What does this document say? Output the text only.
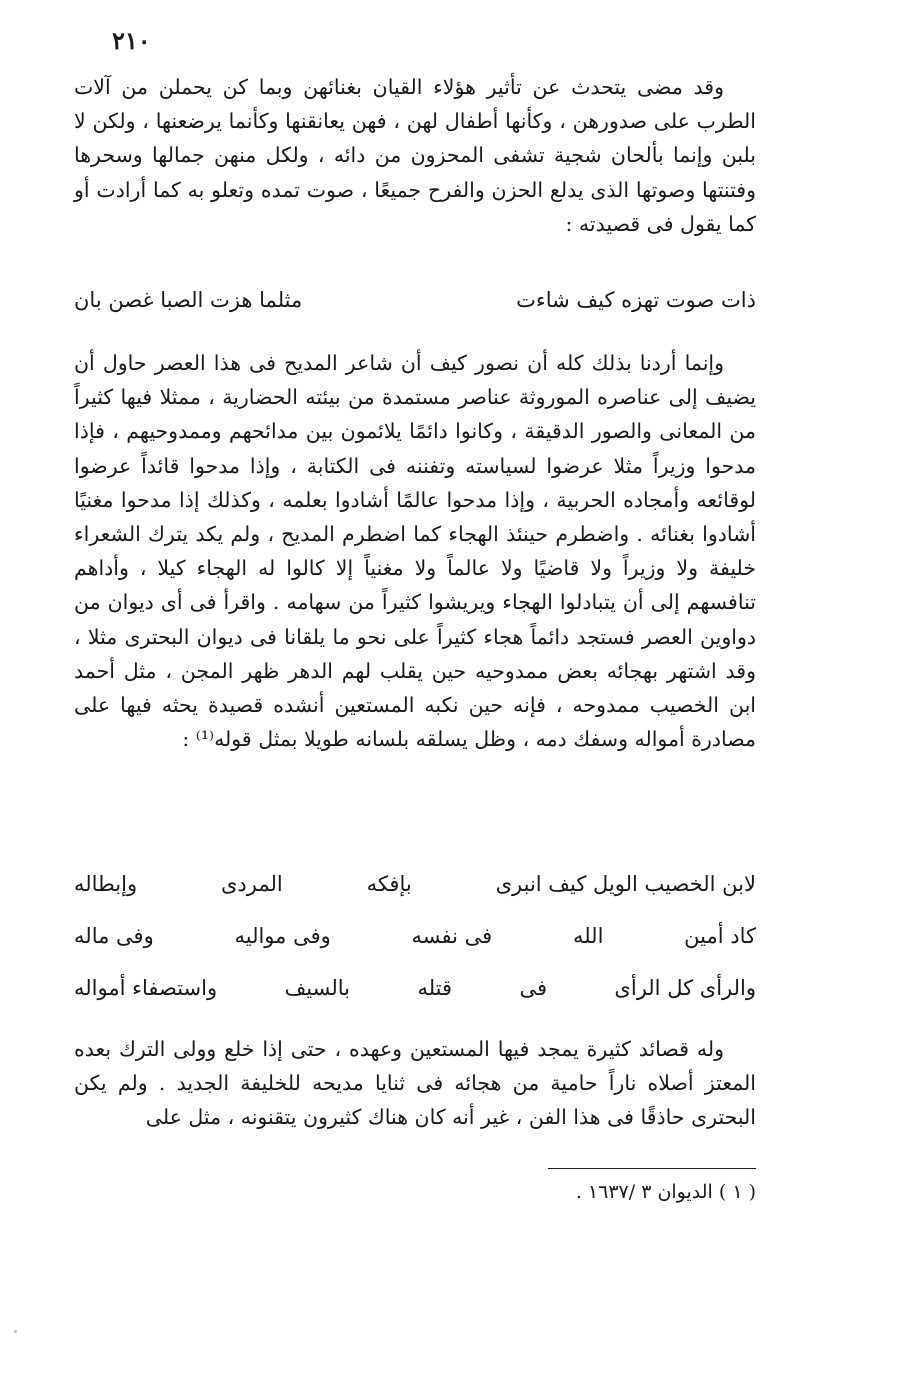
٢١٠

وقد مضى يتحدث عن تأثير هؤلاء القيان بغنائهن وبما كن يحملن من آلات الطرب على صدورهن ، وكأنها أطفال لهن ، فهن يعانقنها وكأنما يرضعنها ، ولكن لا بلبن وإنما بألحان شجية تشفى المحزون من دائه ، ولكل منهن جمالها وسحرها وفتنتها وصوتها الذى يدلع الحزن والفرح جميعًا ، صوت تمده وتعلو به كما أرادت أو كما يقول فى قصيدته :

ذات صوت تهزه كيف شاءت
مثلما هزت الصبا غصن بان

وإنما أردنا بذلك كله أن نصور كيف أن شاعر المديح فى هذا العصر حاول أن يضيف إلى عناصره الموروثة عناصر مستمدة من بيئته الحضارية ، ممثلا فيها كثيراً من المعانى والصور الدقيقة ، وكانوا دائمًا يلائمون بين مدائحهم وممدوحيهم ، فإذا مدحوا وزيراً مثلا عرضوا لسياسته وتفننه فى الكتابة ، وإذا مدحوا قائداً عرضوا لوقائعه وأمجاده الحربية ، وإذا مدحوا عالمًا أشادوا بعلمه ، وكذلك إذا مدحوا مغنيًا أشادوا بغنائه . واضطرم حينئذ الهجاء كما اضطرم المديح ، ولم يكد يترك الشعراء خليفة ولا وزيراً ولا قاضيًا ولا عالماً ولا مغنياً إلا كالوا له الهجاء كيلا ، وأداهم تنافسهم إلى أن يتبادلوا الهجاء ويريشوا كثيراً من سهامه . واقرأ فى أى ديوان من دواوين العصر فستجد دائماً هجاء كثيراً على نحو ما يلقانا فى ديوان البحترى مثلا ، وقد اشتهر بهجائه بعض ممدوحيه حين يقلب لهم الدهر ظهر المجن ، مثل أحمد ابن الخصيب ممدوحه ، فإنه حين نكبه المستعين أنشده قصيدة يحثه فيها على مصادرة أمواله وسفك دمه ، وظل يسلقه بلسانه طويلا بمثل قوله⁽¹⁾ :

لابن الخصيب الويل كيف انبرى
بإفكه
المردى
وإبطاله
كاد أمين
الله
فى نفسه
وفى مواليه
وفى ماله
والرأى كل الرأى
فى
قتله
بالسيف
واستصفاء أمواله

وله قصائد كثيرة يمجد فيها المستعين وعهده ، حتى إذا خلع وولى الترك بعده المعتز أصلاه ناراً حامية من هجائه فى ثنايا مديحه للخليفة الجديد . ولم يكن البحترى حاذقًا فى هذا الفن ، غير أنه كان هناك كثيرون يتقنونه ، مثل على

( ١ ) الديوان ٣ /١٦٣٧ .
